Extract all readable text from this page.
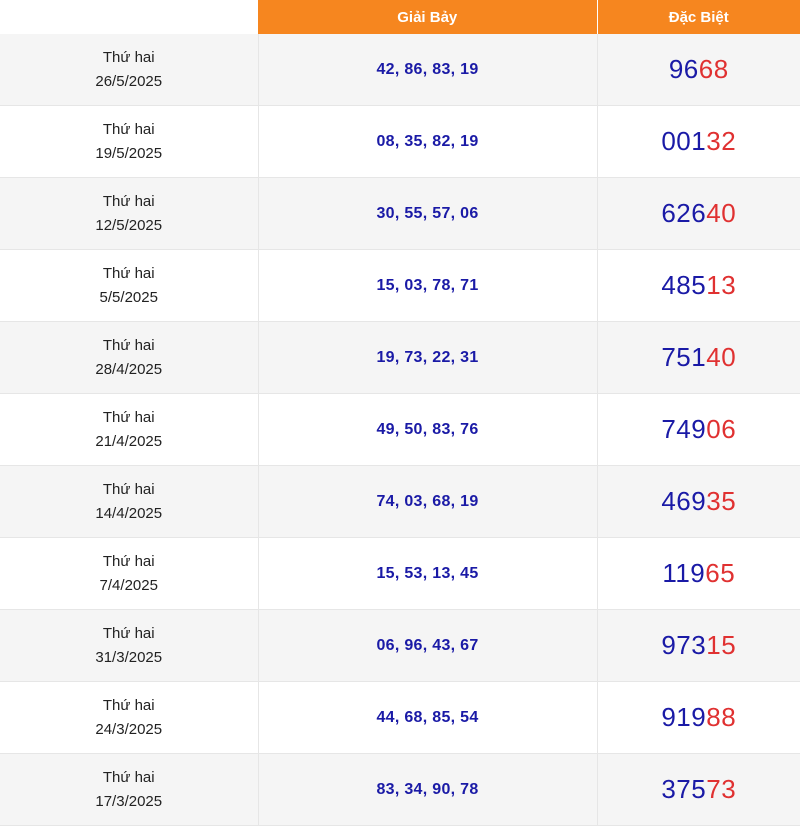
	Giải Bảy	Đặc Biệt

Thứ hai
26/5/2025	42, 86, 83, 19	9668

Thứ hai
19/5/2025	08, 35, 82, 19	00132

Thứ hai
12/5/2025	30, 55, 57, 06	62640

Thứ hai
5/5/2025	15, 03, 78, 71	48513

Thứ hai
28/4/2025	19, 73, 22, 31	75140

Thứ hai
21/4/2025	49, 50, 83, 76	74906

Thứ hai
14/4/2025	74, 03, 68, 19	46935

Thứ hai
7/4/2025	15, 53, 13, 45	11965

Thứ hai
31/3/2025	06, 96, 43, 67	97315

Thứ hai
24/3/2025	44, 68, 85, 54	91988

Thứ hai
17/3/2025	83, 34, 90, 78	37573
